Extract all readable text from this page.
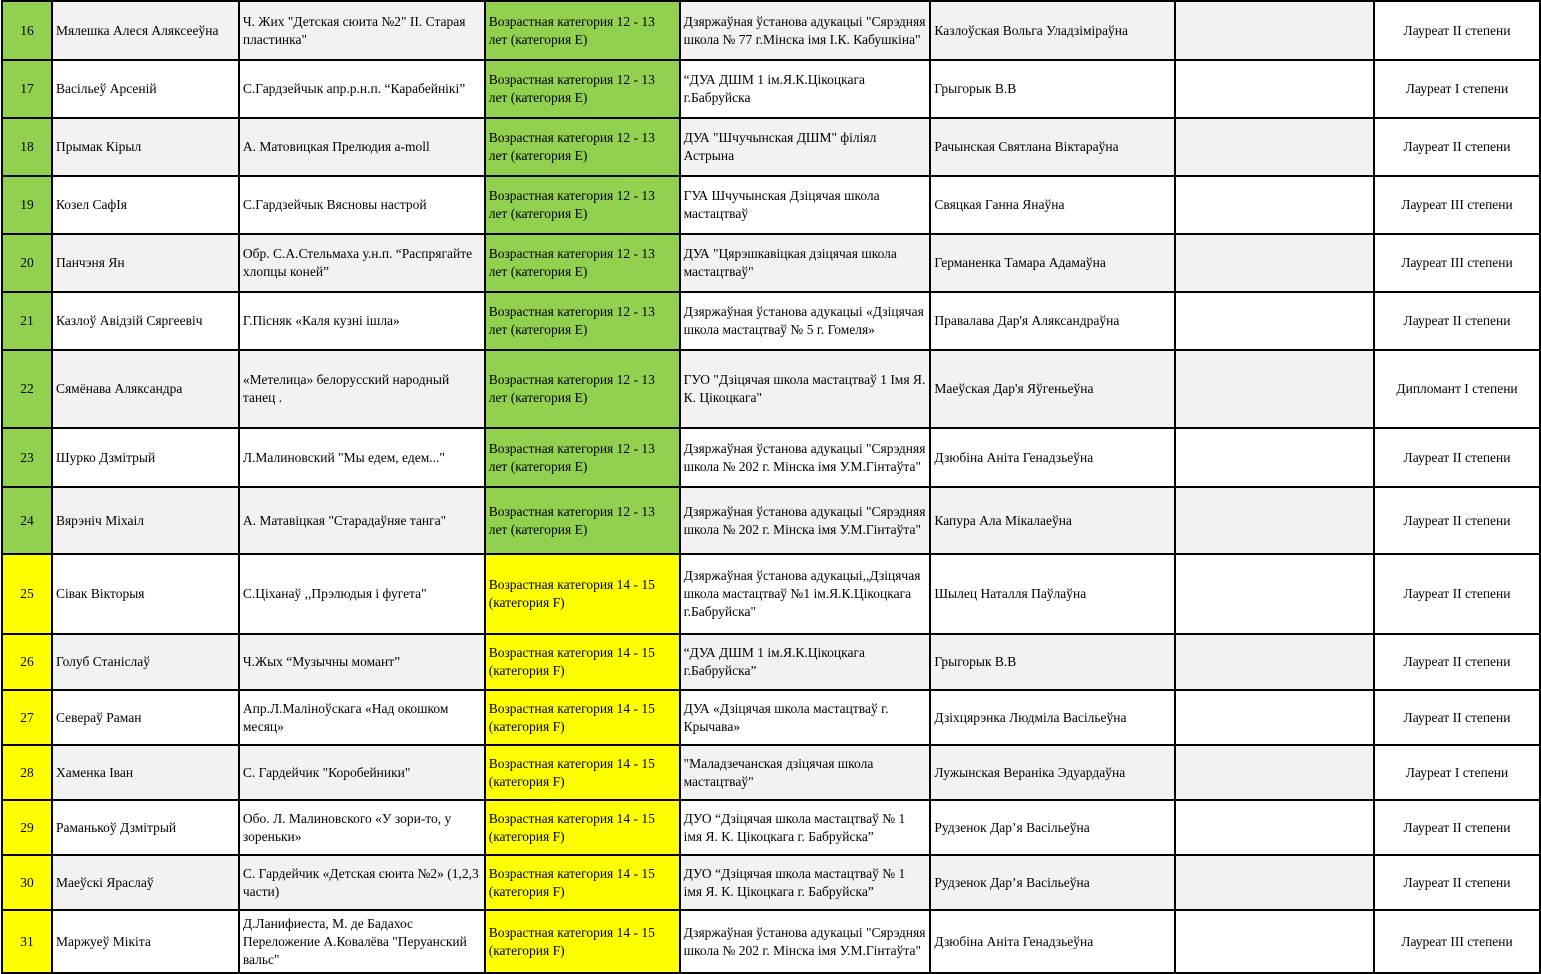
16	Мялешка Алеся Аляксееўна	Ч. Жих "Детская сюита №2" II. Старая пластинка"	Возрастная категория 12 - 13 лет (категория Е)	Дзяржаўная ўстанова адукацыі "Сярэдняя школа № 77 г.Мінска імя І.К. Кабушкіна"	Казлоўская Вольга Уладзіміраўна		Лауреат II степени
17	Васільеў Арсеній	С.Гардзейчык апр.р.н.п. “Карабейнікі”	Возрастная категория 12 - 13 лет (категория Е)	“ДУА ДШМ 1 ім.Я.К.Цікоцкага г.Бабруйска	Грыгорык В.В		Лауреат I степени
18	Прымак Кірыл	А. Матовицкая Прелюдия a-moll	Возрастная категория 12 - 13 лет (категория Е)	ДУА "Шчучынская ДШМ" філіял Астрына	Рачынская Святлана Віктараўна		Лауреат II степени
19	Козел СафІя	С.Гардзейчык Вясновы настрой	Возрастная категория 12 - 13 лет (категория Е)	ГУА Шчучынская Дзіцячая школа мастацтваў	Свяцкая Ганна Янаўна		Лауреат III степени
20	Панчэня Ян	Обр. С.А.Стельмаха у.н.п. “Распрягайте хлопцы коней”	Возрастная категория 12 - 13 лет (категория Е)	ДУА "Цярэшкавіцкая дзіцячая школа мастацтваў"	Германенка Тамара Адамаўна		Лауреат III степени
21	Казлоў Авідзій Сяргеевіч	Г.Пісняк «Каля кузні ішла»	Возрастная категория 12 - 13 лет (категория Е)	Дзяржаўная ўстанова адукацыі «Дзіцячая школа мастацтваў № 5 г. Гомеля»	Правалава Дар'я Аляксандраўна		Лауреат II степени
22	Сямёнава Аляксандра	«Метелица» белорусский народный танец .	Возрастная категория 12 - 13 лет (категория Е)	ГУО "Дзіцячая школа мастацтваў 1 Імя Я. К. Цікоцкага"	Маеўская Дар'я Яўгеньеўна		Дипломант I степени
23	Шурко Дзмітрый	Л.Малиновский "Мы едем, едем..."	Возрастная категория 12 - 13 лет (категория Е)	Дзяржаўная ўстанова адукацыі "Сярэдняя школа № 202 г. Мінска імя У.М.Гінтаўта"	Дзюбіна Аніта Генадзьеўна		Лауреат II степени
24	Вярэніч Міхаіл	А. Матавіцкая "Старадаўняе танга"	Возрастная категория 12 - 13 лет (категория Е)	Дзяржаўная ўстанова адукацыі "Сярэдняя школа № 202 г. Мінска імя У.М.Гінтаўта"	Капура Ала Мікалаеўна		Лауреат II степени
25	Сівак Вікторыя	С.Ціханаў ,,Прэлюдыя і фугета"	Возрастная категория 14 - 15 (категория F)	Дзяржаўная ўстанова адукацыі,,Дзіцячая школа мастацтваў №1 ім.Я.К.Цікоцкага г.Бабруйска"	Шылец Наталля Паўлаўна		Лауреат II степени
26	Голуб Станіслаў	Ч.Жых “Музычны момант”	Возрастная категория 14 - 15 (категория F)	“ДУА ДШМ 1 ім.Я.К.Цікоцкага г.Бабруйска”	Грыгорык В.В		Лауреат II степени
27	Севераў Раман	Апр.Л.Маліноўскага «Над окошком месяц»	Возрастная категория 14 - 15 (категория F)	ДУА «Дзіцячая школа мастацтваў г. Крычава»	Дзіхцярэнка Людміла Васільеўна		Лауреат II степени
28	Хаменка Іван	С. Гардейчик "Коробейники"	Возрастная категория 14 - 15 (категория F)	"Маладзечанская дзіцячая школа мастацтваў"	Лужынская Вераніка Эдуардаўна		Лауреат I степени
29	Раманькоў Дзмітрый	Обо. Л. Малиновского «У зори-то, у зореньки»	Возрастная категория 14 - 15 (категория F)	ДУО “Дзіцячая школа мастацтваў № 1 імя Я. К. Цікоцкага г. Бабруйска”	Рудзенок Дар’я Васільеўна		Лауреат II степени
30	Маеўскі Яраслаў	С. Гардейчик «Детская сюита №2» (1,2,3 части)	Возрастная категория 14 - 15 (категория F)	ДУО “Дзіцячая школа мастацтваў № 1 імя Я. К. Цікоцкага г. Бабруйска”	Рудзенок Дар’я Васільеўна		Лауреат II степени
31	Маржуеў Мікіта	Д.Ланифиеста, М. де Бадахос Переложение А.Ковалёва "Перуанский вальс"	Возрастная категория 14 - 15 (категория F)	Дзяржаўная ўстанова адукацыі "Сярэдняя школа № 202 г. Мінска імя У.М.Гінтаўта"	Дзюбіна Аніта Генадзьеўна		Лауреат III степени
